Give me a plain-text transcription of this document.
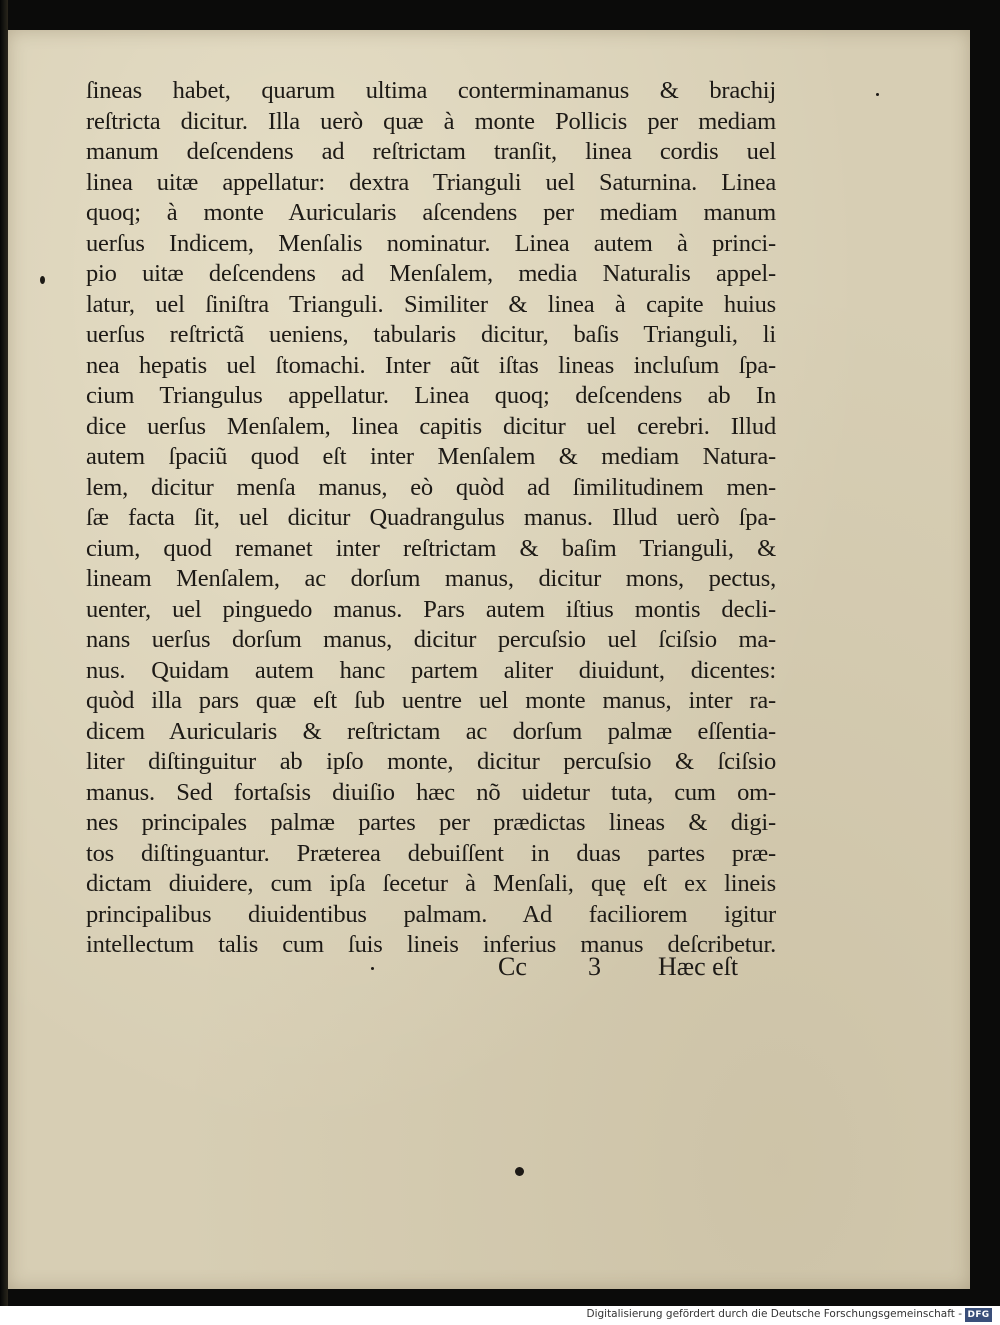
ſineas habet, quarum ultima conterminamanus & brachij
reſtricta dicitur. Illa uerò quæ à monte Pollicis per mediam
manum deſcendens ad reſtrictam tranſit, linea cordis uel
linea uitæ appellatur: dextra Trianguli uel Saturnina. Linea
quoq; à monte Auricularis aſcendens per mediam manum
uerſus Indicem, Menſalis nominatur. Linea autem à princi-
pio uitæ deſcendens ad Menſalem, media Naturalis appel-
latur, uel ſiniſtra Trianguli. Similiter & linea à capite huius
uerſus reſtrictã ueniens, tabularis dicitur, baſis Trianguli, li
nea hepatis uel ſtomachi. Inter aũt iſtas lineas incluſum ſpa-
cium Triangulus appellatur. Linea quoq; deſcendens ab In
dice uerſus Menſalem, linea capitis dicitur uel cerebri. Illud
autem ſpaciũ quod eſt inter Menſalem & mediam Natura-
lem, dicitur menſa manus, eò quòd ad ſimilitudinem men-
ſæ facta ſit, uel dicitur Quadrangulus manus. Illud uerò ſpa-
cium, quod remanet inter reſtrictam & baſim Trianguli, &
lineam Menſalem, ac dorſum manus, dicitur mons, pectus,
uenter, uel pinguedo manus. Pars autem iſtius montis decli-
nans uerſus dorſum manus, dicitur percuſsio uel ſciſsio ma-
nus. Quidam autem hanc partem aliter diuidunt, dicentes:
quòd illa pars quæ eſt ſub uentre uel monte manus, inter ra-
dicem Auricularis & reſtrictam ac dorſum palmæ eſſentia-
liter diſtinguitur ab ipſo monte, dicitur percuſsio & ſciſsio
manus. Sed fortaſsis diuiſio hæc nõ uidetur tuta, cum om-
nes principales palmæ partes per prædictas lineas & digi-
tos diſtinguantur. Præterea debuiſſent in duas partes præ-
dictam diuidere, cum ipſa ſecetur à Menſali, quę eſt ex lineis
principalibus diuidentibus palmam. Ad faciliorem igitur
intellectum talis cum ſuis lineis inferius manus deſcribetur.
Cc 3 Hæc eſt
Digitalisierung gefördert durch die Deutsche Forschungsgemeinschaft - DFG
